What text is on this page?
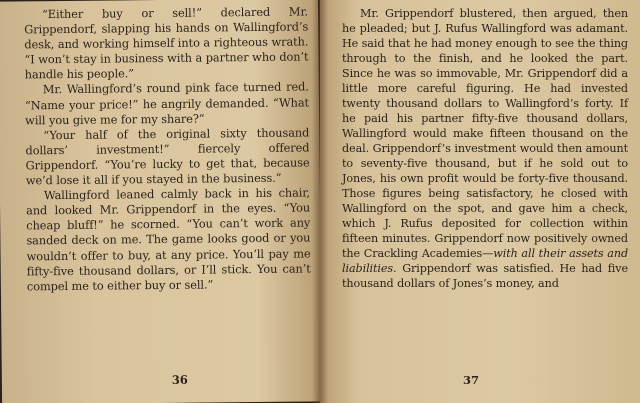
“Either buy or sell!” declared Mr. Grippendorf, slapping his hands on Wallingford’s desk, and working himself into a righteous wrath. “I won’t stay in business with a partner who don’t handle his people.”

Mr. Wallingford’s round pink face turned red. “Name your price!” he angrily demanded. “What will you give me for my share?”

“Your half of the original sixty thousand dollars’ investment!” fiercely offered Grippendorf. “You’re lucky to get that, because we’d lose it all if you stayed in the business.”

Wallingford leaned calmly back in his chair, and looked Mr. Grippendorf in the eyes. “You cheap bluff!” he scorned. “You can’t work any sanded deck on me. The game looks good or you wouldn’t offer to buy, at any price. You’ll pay me fifty-five thousand dollars, or I’ll stick. You can’t compel me to either buy or sell.”

36

Mr. Grippendorf blustered, then argued, then he pleaded; but J. Rufus Wallingford was adamant. He said that he had money enough to see the thing through to the finish, and he looked the part. Since he was so immovable, Mr. Grippendorf did a little more careful figuring. He had invested twenty thousand dollars to Wallingford’s forty. If he paid his partner fifty-five thousand dollars, Wallingford would make fifteen thousand on the deal. Grippendorf’s investment would then amount to seventy-five thousand, but if he sold out to Jones, his own profit would be forty-five thousand. Those figures being satisfactory, he closed with Wallingford on the spot, and gave him a check, which J. Rufus deposited for collection within fifteen minutes. Grippendorf now positively owned the Crackling Academies—with all their assets and liabilities. Grippendorf was satisfied. He had five thousand dollars of Jones’s money, and

37
